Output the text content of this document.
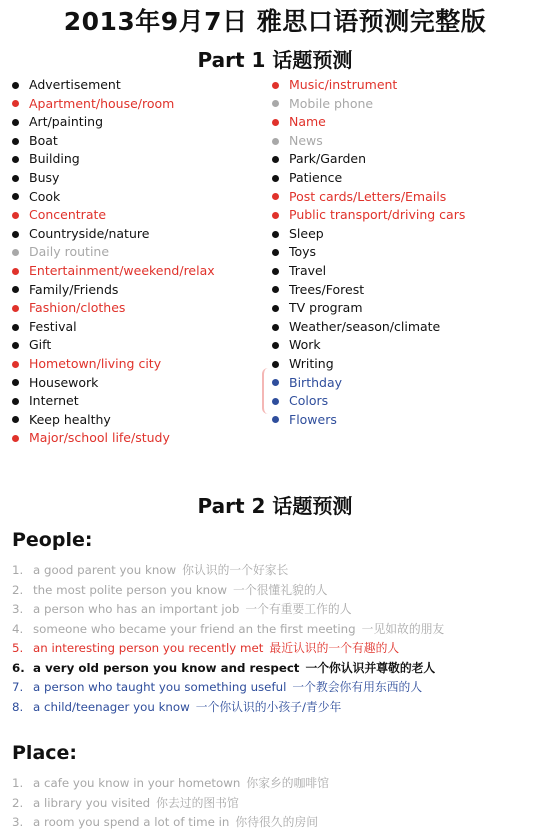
2013年9月7日 雅思口语预测完整版
Part 1 话题预测
Advertisement
Apartment/house/room
Art/painting
Boat
Building
Busy
Cook
Concentrate
Countryside/nature
Daily routine
Entertainment/weekend/relax
Family/Friends
Fashion/clothes
Festival
Gift
Hometown/living city
Housework
Internet
Keep healthy
Major/school life/study
Music/instrument
Mobile phone
Name
News
Park/Garden
Patience
Post cards/Letters/Emails
Public transport/driving cars
Sleep
Toys
Travel
Trees/Forest
TV program
Weather/season/climate
Work
Writing
Birthday
Colors
Flowers
Part 2 话题预测
People:
1. a good parent you know 你认识的一个好家长
2. the most polite person you know 一个很懂礼貌的人
3. a person who has an important job 一个有重要工作的人
4. someone who became your friend an the first meeting 一见如故的朋友
5. an interesting person you recently met 最近认识的一个有趣的人
6. a very old person you know and respect 一个你认识并尊敬的老人
7. a person who taught you something useful 一个教会你有用东西的人
8. a child/teenager you know 一个你认识的小孩子/青少年
Place:
1. a cafe you know in your hometown 你家乡的咖啡馆
2. a library you visited 你去过的图书馆
3. a room you spend a lot of time in 你待很久的房间
